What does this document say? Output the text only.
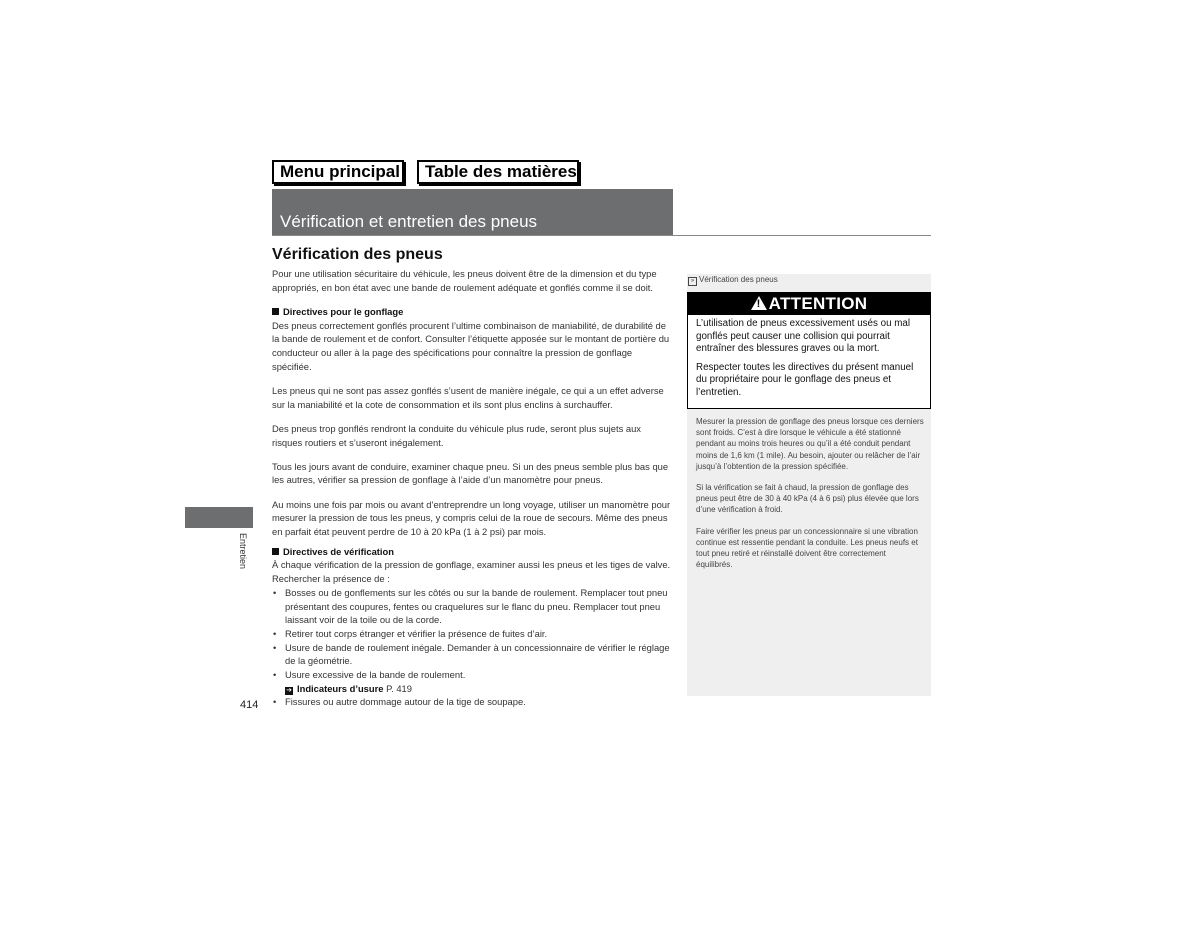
Menu principal	Table des matières
Vérification et entretien des pneus
Vérification des pneus

Pour une utilisation sécuritaire du véhicule, les pneus doivent être de la dimension et du type appropriés, en bon état avec une bande de roulement adéquate et gonflés comme il se doit.

Directives pour le gonflage

Des pneus correctement gonflés procurent l’ultime combinaison de maniabilité, de durabilité de la bande de roulement et de confort. Consulter l’étiquette apposée sur le montant de portière du conducteur ou aller à la page des spécifications pour connaître la pression de gonflage spécifiée.

Les pneus qui ne sont pas assez gonflés s’usent de manière inégale, ce qui a un effet adverse sur la maniabilité et la cote de consommation et ils sont plus enclins à surchauffer.

Des pneus trop gonflés rendront la conduite du véhicule plus rude, seront plus sujets aux risques routiers et s’useront inégalement.

Tous les jours avant de conduire, examiner chaque pneu. Si un des pneus semble plus bas que les autres, vérifier sa pression de gonflage à l’aide d’un manomètre pour pneus.

Au moins une fois par mois ou avant d’entreprendre un long voyage, utiliser un manomètre pour mesurer la pression de tous les pneus, y compris celui de la roue de secours. Même des pneus en parfait état peuvent perdre de 10 à 20 kPa (1 à 2 psi) par mois.

Directives de vérification
À chaque vérification de la pression de gonflage, examiner aussi les pneus et les tiges de valve. Rechercher la présence de :
• Bosses ou de gonflements sur les côtés ou sur la bande de roulement. Remplacer tout pneu présentant des coupures, fentes ou craquelures sur le flanc du pneu. Remplacer tout pneu laissant voir de la toile ou de la corde.
• Retirer tout corps étranger et vérifier la présence de fuites d’air.
• Usure de bande de roulement inégale. Demander à un concessionnaire de vérifier le réglage de la géométrie.
• Usure excessive de la bande de roulement.
➔ Indicateurs d’usure P. 419
• Fissures ou autre dommage autour de la tige de soupape.
» Vérification des pneus
! ATTENTION

L’utilisation de pneus excessivement usés ou mal gonflés peut causer une collision qui pourrait entraîner des blessures graves ou la mort.

Respecter toutes les directives du présent manuel du propriétaire pour le gonflage des pneus et l’entretien.

Mesurer la pression de gonflage des pneus lorsque ces derniers sont froids. C’est à dire lorsque le véhicule a été stationné pendant au moins trois heures ou qu’il a été conduit pendant moins de 1,6 km (1 mile). Au besoin, ajouter ou relâcher de l’air jusqu’à l’obtention de la pression spécifiée.

Si la vérification se fait à chaud, la pression de gonflage des pneus peut être de 30 à 40 kPa (4 à 6 psi) plus élevée que lors d’une vérification à froid.

Faire vérifier les pneus par un concessionnaire si une vibration continue est ressentie pendant la conduite. Les pneus neufs et tout pneu retiré et réinstallé doivent être correctement équilibrés.

Entretien
414
